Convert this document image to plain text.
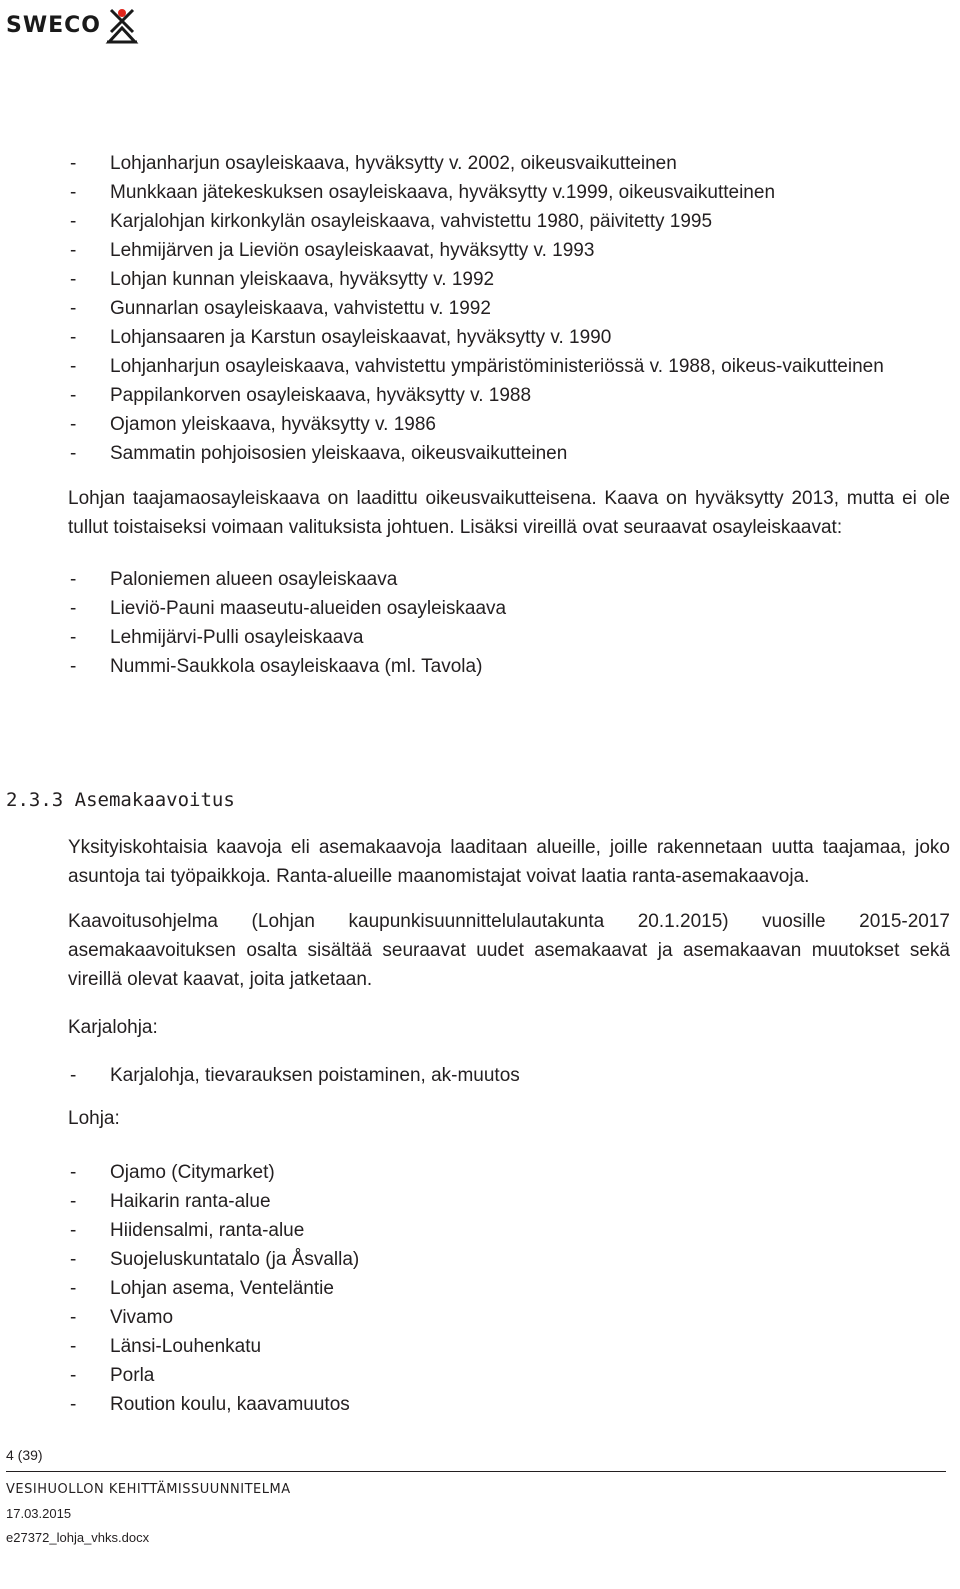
SWECO
- Lohjanharjun osayleiskaava, hyväksytty v. 2002, oikeusvaikutteinen
- Munkkaan jätekeskuksen osayleiskaava, hyväksytty v.1999, oikeusvaikutteinen
- Karjalohjan kirkonkylän osayleiskaava, vahvistettu 1980, päivitetty 1995
- Lehmijärven ja Lieviön osayleiskaavat, hyväksytty v. 1993
- Lohjan kunnan yleiskaava, hyväksytty v. 1992
- Gunnarlan osayleiskaava, vahvistettu v. 1992
- Lohjansaaren ja Karstun osayleiskaavat, hyväksytty v. 1990
- Lohjanharjun osayleiskaava, vahvistettu ympäristöministeriössä v. 1988, oikeus-vaikutteinen
- Pappilankorven osayleiskaava, hyväksytty v. 1988
- Ojamon yleiskaava, hyväksytty v. 1986
- Sammatin pohjoisosien yleiskaava, oikeusvaikutteinen

Lohjan taajamaosayleiskaava on laadittu oikeusvaikutteisena. Kaava on hyväksytty 2013, mutta ei ole tullut toistaiseksi voimaan valituksista johtuen. Lisäksi vireillä ovat seuraavat osayleiskaavat:

- Paloniemen alueen osayleiskaava
- Lieviö-Pauni maaseutu-alueiden osayleiskaava
- Lehmijärvi-Pulli osayleiskaava
- Nummi-Saukkola osayleiskaava (ml. Tavola)
2.3.3 Asemakaavoitus

Yksityiskohtaisia kaavoja eli asemakaavoja laaditaan alueille, joille rakennetaan uutta taajamaa, joko asuntoja tai työpaikkoja. Ranta-alueille maanomistajat voivat laatia ranta-asemakaavoja.

Kaavoitusohjelma (Lohjan kaupunkisuunnittelulautakunta 20.1.2015) vuosille 2015-2017 asemakaavoituksen osalta sisältää seuraavat uudet asemakaavat ja asemakaavan muutokset sekä vireillä olevat kaavat, joita jatketaan.

Karjalohja:
- Karjalohja, tievarauksen poistaminen, ak-muutos
Lohja:
- Ojamo (Citymarket)
- Haikarin ranta-alue
- Hiidensalmi, ranta-alue
- Suojeluskuntatalo (ja Åsvalla)
- Lohjan asema, Venteläntie
- Vivamo
- Länsi-Louhenkatu
- Porla
- Roution koulu, kaavamuutos
4 (39)
VESIHUOLLON KEHITTÄMISSUUNNITELMA
17.03.2015
e27372_lohja_vhks.docx
